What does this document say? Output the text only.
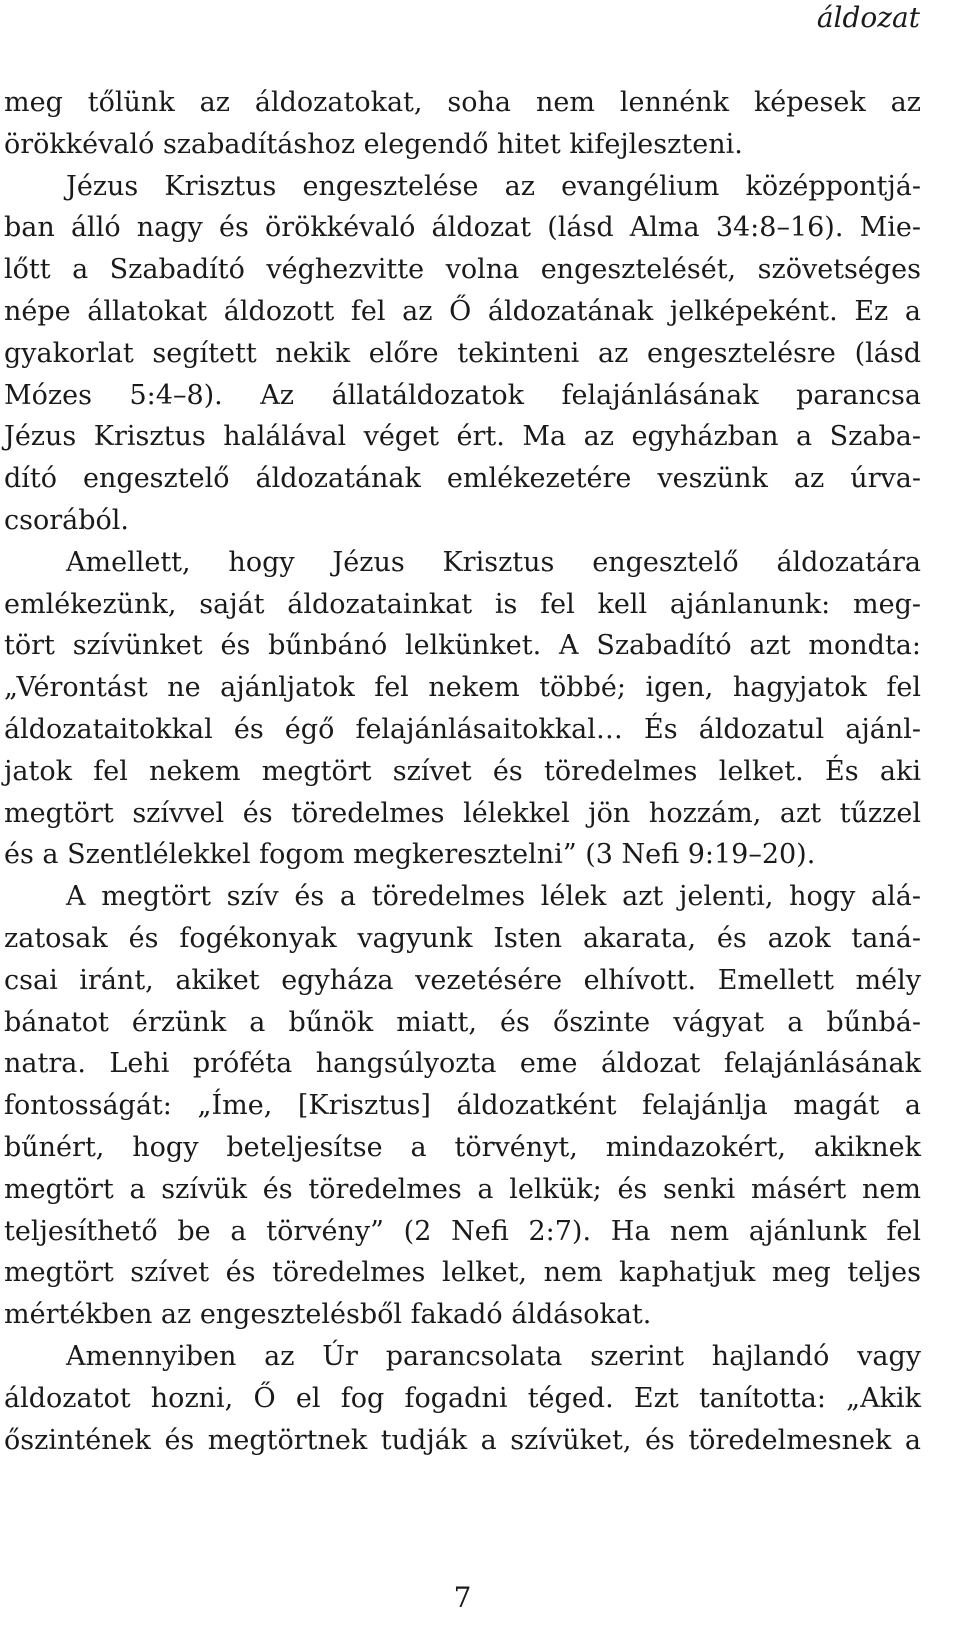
áldozat
meg tőlünk az áldozatokat, soha nem lennénk képesek az
örökkévaló szabadításhoz elegendő hitet kifejleszteni.
Jézus Krisztus engesztelése az evangélium középpontjá-
ban álló nagy és örökkévaló áldozat (lásd Alma 34:8–16). Mie-
lőtt a Szabadító véghezvitte volna engesztelését, szövetséges
népe állatokat áldozott fel az Ő áldozatának jelképeként. Ez a
gyakorlat segített nekik előre tekinteni az engesztelésre (lásd
Mózes 5:4–8). Az állatáldozatok felajánlásának parancsa
Jézus Krisztus halálával véget ért. Ma az egyházban a Szaba-
dító engesztelő áldozatának emlékezetére veszünk az úrva-
csorából.
Amellett, hogy Jézus Krisztus engesztelő áldozatára
emlékezünk, saját áldozatainkat is fel kell ajánlanunk: meg-
tört szívünket és bűnbánó lelkünket. A Szabadító azt mondta:
„Vérontást ne ajánljatok fel nekem többé; igen, hagyjatok fel
áldozataitokkal és égő felajánlásaitokkal… És áldozatul ajánl-
jatok fel nekem megtört szívet és töredelmes lelket. És aki
megtört szívvel és töredelmes lélekkel jön hozzám, azt tűzzel
és a Szentlélekkel fogom megkeresztelni” (3 Nefi 9:19–20).
A megtört szív és a töredelmes lélek azt jelenti, hogy alá-
zatosak és fogékonyak vagyunk Isten akarata, és azok taná-
csai iránt, akiket egyháza vezetésére elhívott. Emellett mély
bánatot érzünk a bűnök miatt, és őszinte vágyat a bűnbá-
natra. Lehi próféta hangsúlyozta eme áldozat felajánlásának
fontosságát: „Íme, [Krisztus] áldozatként felajánlja magát a
bűnért, hogy beteljesítse a törvényt, mindazokért, akiknek
megtört a szívük és töredelmes a lelkük; és senki másért nem
teljesíthető be a törvény” (2 Nefi 2:7). Ha nem ajánlunk fel
megtört szívet és töredelmes lelket, nem kaphatjuk meg teljes
mértékben az engesztelésből fakadó áldásokat.
Amennyiben az Úr parancsolata szerint hajlandó vagy
áldozatot hozni, Ő el fog fogadni téged. Ezt tanította: „Akik
őszintének és megtörtnek tudják a szívüket, és töredelmesnek a
7
